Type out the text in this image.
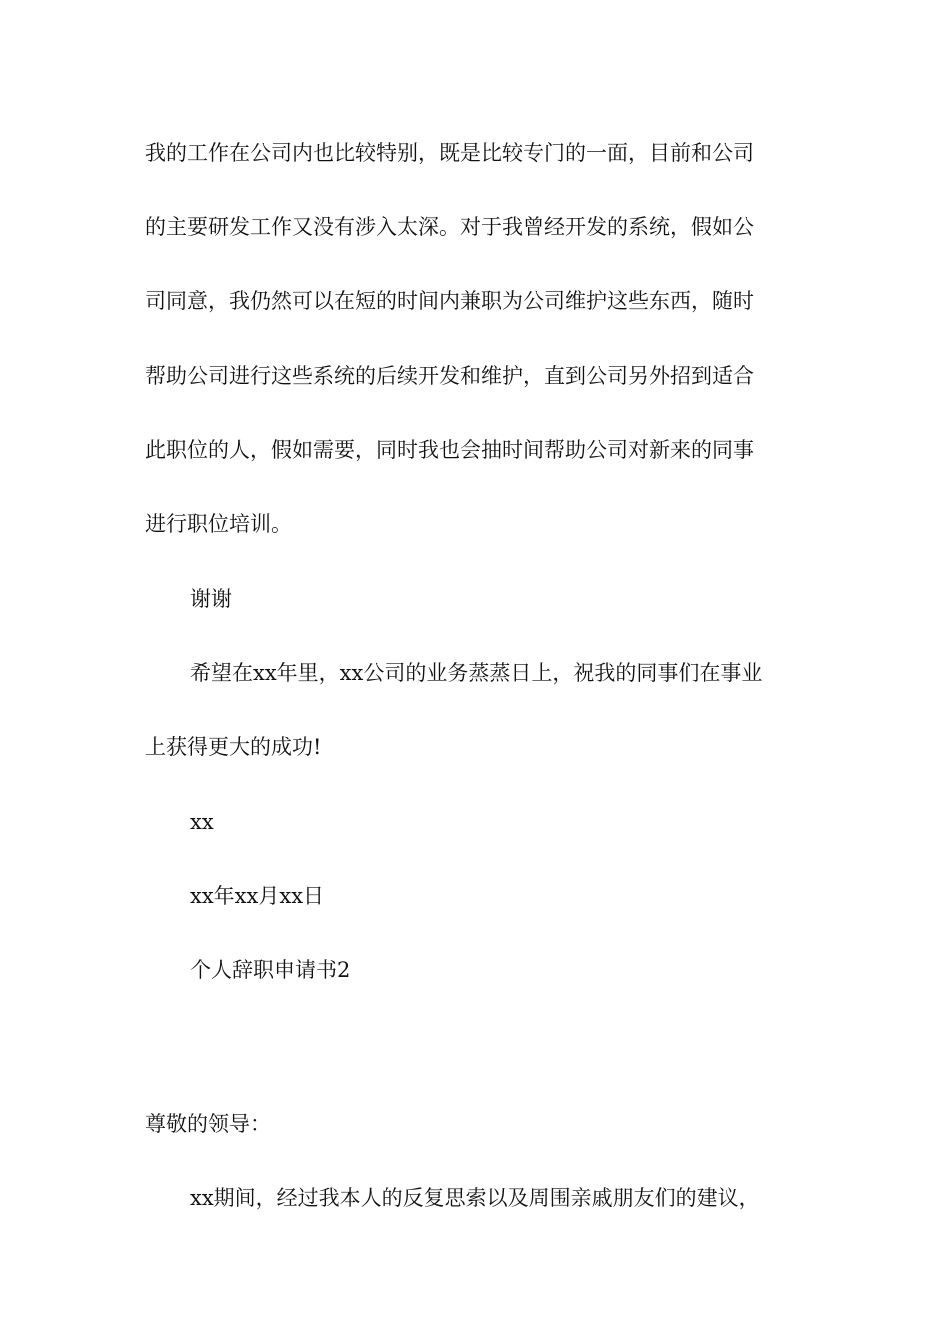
我的工作在公司内也比较特别，既是比较专门的一面，目前和公司
的主要研发工作又没有涉入太深。对于我曾经开发的系统，假如公
司同意，我仍然可以在短的时间内兼职为公司维护这些东西，随时
帮助公司进行这些系统的后续开发和维护，直到公司另外招到适合
此职位的人，假如需要，同时我也会抽时间帮助公司对新来的同事
进行职位培训。
谢谢
希望在xx年里，xx公司的业务蒸蒸日上，祝我的同事们在事业
上获得更大的成功!
xx
xx年xx月xx日
个人辞职申请书2
尊敬的领导：
xx期间，经过我本人的反复思索以及周围亲戚朋友们的建议，
